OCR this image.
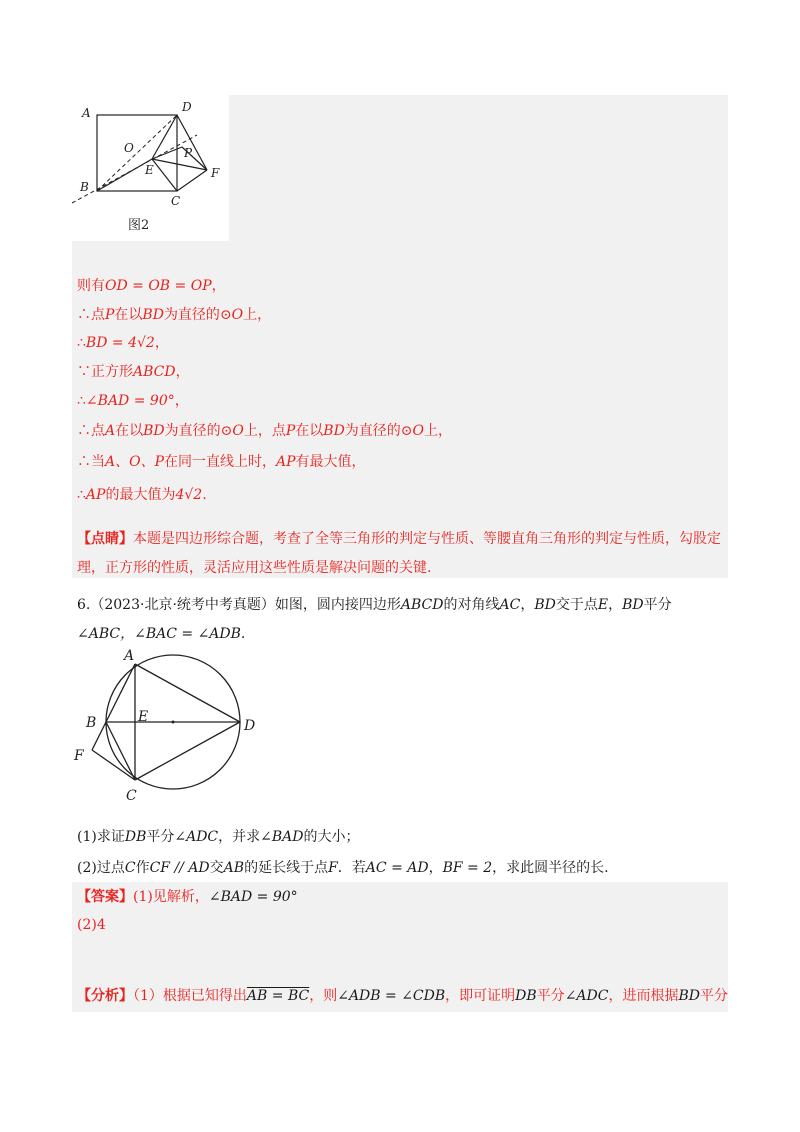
A	D
O	P
E	F
B
C
图2
则有OD = OB = OP，
∴点P在以BD为直径的⊙O上，
∴BD = 4√2，
∵正方形ABCD，
∴∠BAD = 90°，
∴点A在以BD为直径的⊙O上，点P在以BD为直径的⊙O上，
∴当A、O、P在同一直线上时，AP有最大值，
∴AP的最大值为4√2.
【点睛】本题是四边形综合题，考查了全等三角形的判定与性质、等腰直角三角形的判定与性质，勾股定
理，正方形的性质，灵活应用这些性质是解决问题的关键.
6.（2023·北京·统考中考真题）如图，圆内接四边形ABCD的对角线AC，BD交于点E，BD平分
∠ABC，∠BAC = ∠ADB.
A
B	E
D
F
C
(1)求证DB平分∠ADC，并求∠BAD的大小；
(2)过点C作CF // AD交AB的延长线于点F．若AC = AD，BF = 2，求此圆半径的长.
【答案】(1)见解析，∠BAD = 90°
(2)4
【分析】（1）根据已知得出AB = BC，则∠ADB = ∠CDB，即可证明DB平分∠ADC，进而根据BD平分
